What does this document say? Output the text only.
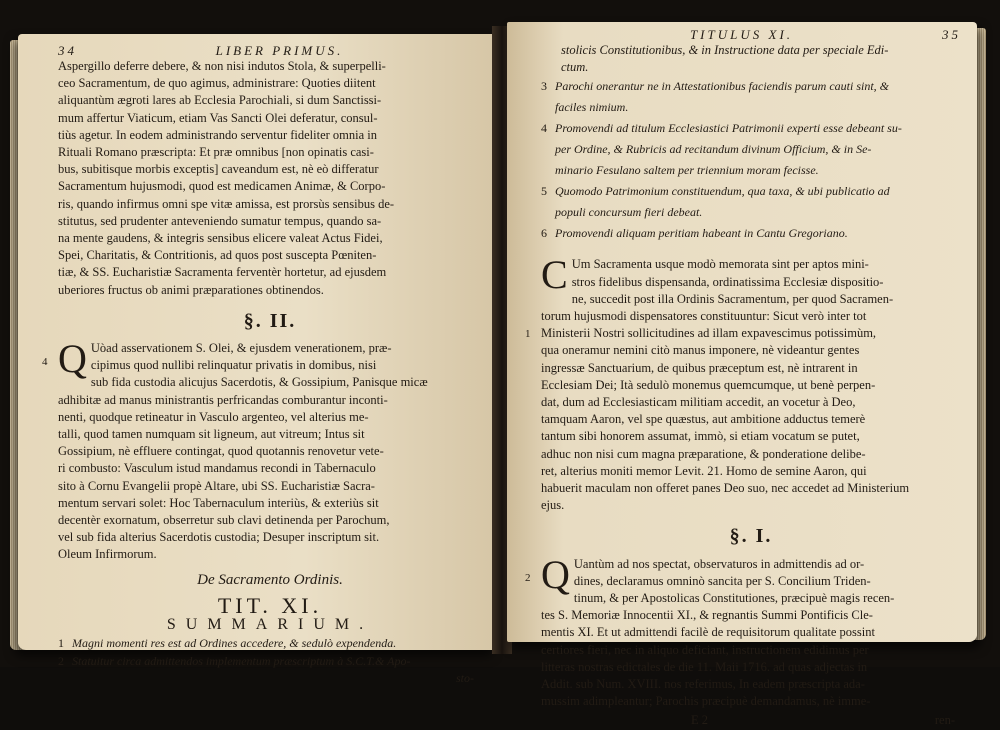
34	LIBER PRIMUS.
Aspergillo deferre debere, & non nisi indutos Stola, & superpelli-
ceo Sacramentum, de quo agimus, administrare: Quoties diitent
aliquantùm ægroti lares ab Ecclesia Parochiali, si dum Sanctissi-
mum affertur Viaticum, etiam Vas Sancti Olei deferatur, consul-
tiùs agetur. In eodem administrando serventur fideliter omnia in
Rituali Romano præscripta: Et præ omnibus [non opinatis casi-
bus, subitisque morbis exceptis] caveandum est, nè eò differatur
Sacramentum hujusmodi, quod est medicamen Animæ, & Corpo-
ris, quando infirmus omni spe vitæ amissa, est prorsùs sensibus de-
stitutus, sed prudenter anteveniendo sumatur tempus, quando sa-
na mente gaudens, & integris sensibus elicere valeat Actus Fidei,
Spei, Charitatis, & Contritionis, ad quos post suscepta Pœniten-
tiæ, & SS. Eucharistiæ Sacramenta ferventèr hortetur, ad ejusdem
uberiores fructus ob animi præparationes obtinendos.
§. II.
4 Q Uòad asservationem S. Olei, & ejusdem venerationem, præ-
cipimus quod nullibi relinquatur privatis in domibus, nisi
sub fida custodia alicujus Sacerdotis, & Gossipium, Panisque micæ
adhibitæ ad manus ministrantis perfricandas comburantur inconti-
nenti, quodque retineatur in Vasculo argenteo, vel alterius me-
talli, quod tamen numquam sit ligneum, aut vitreum; Intus sit
Gossipium, nè effluere contingat, quod quotannis renovetur vete-
ri combusto: Vasculum istud mandamus recondi in Tabernaculo
sito à Cornu Evangelii propè Altare, ubi SS. Eucharistiæ Sacra-
mentum servari solet: Hoc Tabernaculum interiùs, & exteriùs sit
decentèr exornatum, obserretur sub clavi detinenda per Parochum,
vel sub fida alterius Sacerdotis custodia; Desuper inscriptum sit.
Oleum Infirmorum.
De Sacramento Ordinis.
TIT. XI.
SUMMARIUM.
1 Magni momenti res est ad Ordines accedere, & sedulò expendenda.
2 Statuitur circa admittendos implementum præscriptum à S.C.T.& Apo-
sto-
TITULUS XI.	35
stolicis Constitutionibus, & in Instructione data per speciale Edi-
ctum.
3 Parochi onerantur ne in Attestationibus faciendis parum cauti sint, &
faciles nimium.
4 Promovendi ad titulum Ecclesiastici Patrimonii experti esse debeant su-
per Ordine, & Rubricis ad recitandum divinum Officium, & in Se-
minario Fesulano saltem per triennium moram fecisse.
5 Quomodo Patrimonium constituendum, qua taxa, & ubi publicatio ad
populi concursum fieri debeat.
6 Promovendi aliquam peritiam habeant in Cantu Gregoriano.
1
C Um Sacramenta usque modò memorata sint per aptos mini-
stros fidelibus dispensanda, ordinatissima Ecclesiæ dispositio-
ne, succedit post illa Ordinis Sacramentum, per quod Sacramen-
torum hujusmodi dispensatores constituuntur: Sicut verò inter tot
Ministerii Nostri sollicitudines ad illam expavescimus potissimùm,
qua oneramur nemini citò manus imponere, nè videantur gentes
ingressæ Sanctuarium, de quibus præceptum est, nè intrarent in
Ecclesiam Dei; Ità sedulò monemus quemcumque, ut benè perpen-
dat, dum ad Ecclesiasticam militiam accedit, an vocetur à Deo,
tamquam Aaron, vel spe quæstus, aut ambitione adductus temerè
tantum sibi honorem assumat, immò, si etiam vocatum se putet,
adhuc non nisi cum magna præparatione, & ponderatione delibe-
ret, alterius moniti memor Levit. 21. Homo de semine Aaron, qui
habuerit maculam non offeret panes Deo suo, nec accedet ad Ministerium
ejus.
§. I.
2 Q Uantùm ad nos spectat, observaturos in admittendis ad or-
dines, declaramus omninò sancita per S. Concilium Triden-
tinum, & per Apostolicas Constitutiones, præcipuè magis recen-
tes S. Memoriæ Innocentii XI., & regnantis Summi Pontificis Cle-
mentis XI. Et ut admittendi facilè de requisitorum qualitate possint
certiores fieri, nec in aliquo deficiant, instructionem edidimus per
litteras nostras edictales de die 11. Maii 1716. ad quas adjectas in
Addit. sub Num. XVIII. nos referimus, In eadem præscripta ada-
mussim adimpleantur; Parochis præcipuè demandamus, nè imme-
E 2	ren-
